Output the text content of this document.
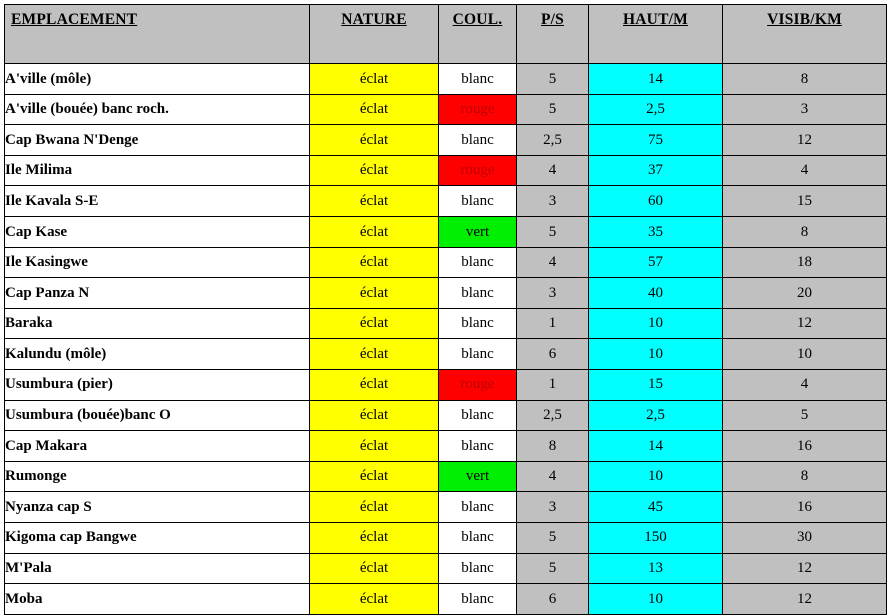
EMPLACEMENT	NATURE	COUL.	P/S	HAUT/M	VISIB/KM
A'ville (môle)	éclat	blanc	5	14	8
A'ville (bouée) banc roch.	éclat	rouge	5	2,5	3
Cap Bwana N'Denge	éclat	blanc	2,5	75	12
Ile Milima	éclat	rouge	4	37	4
Ile Kavala S-E	éclat	blanc	3	60	15
Cap Kase	éclat	vert	5	35	8
Ile Kasingwe	éclat	blanc	4	57	18
Cap Panza N	éclat	blanc	3	40	20
Baraka	éclat	blanc	1	10	12
Kalundu (môle)	éclat	blanc	6	10	10
Usumbura (pier)	éclat	rouge	1	15	4
Usumbura (bouée)banc O	éclat	blanc	2,5	2,5	5
Cap Makara	éclat	blanc	8	14	16
Rumonge	éclat	vert	4	10	8
Nyanza cap S	éclat	blanc	3	45	16
Kigoma cap Bangwe	éclat	blanc	5	150	30
M'Pala	éclat	blanc	5	13	12
Moba	éclat	blanc	6	10	12
